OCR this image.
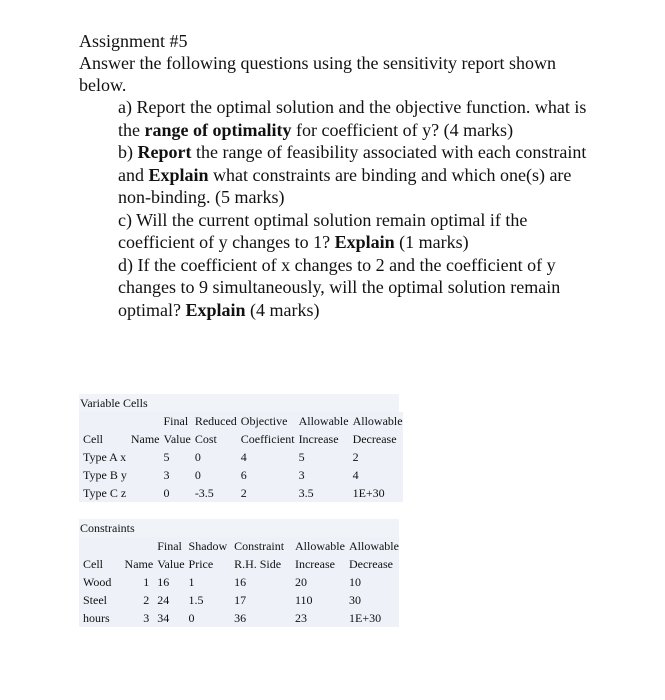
Assignment #5

Answer the following questions using the sensitivity report shown below.

a) Report the optimal solution and the objective function. what is the range of optimality for coefficient of y? (4 marks)
b) Report the range of feasibility associated with each constraint and Explain what constraints are binding and which one(s) are non-binding. (5 marks)
c) Will the current optimal solution remain optimal if the coefficient of y changes to 1? Explain (1 marks)
d) If the coefficient of x changes to 2 and the coefficient of y changes to 9 simultaneously, will the optimal solution remain optimal? Explain (4 marks)
Variable Cells
		Final	Reduced	Objective	Allowable	Allowable
Cell	Name	Value	Cost	Coefficient	Increase	Decrease
Type A x		5	0	4	5	2
Type B y		3	0	6	3	4
Type C z		0	-3.5	2	3.5	1E+30
Constraints
		Final	Shadow	Constraint	Allowable	Allowable
Cell	Name	Value	Price	R.H. Side	Increase	Decrease
Wood	1	16	1	16	20	10
Steel	2	24	1.5	17	110	30
hours	3	34	0	36	23	1E+30
